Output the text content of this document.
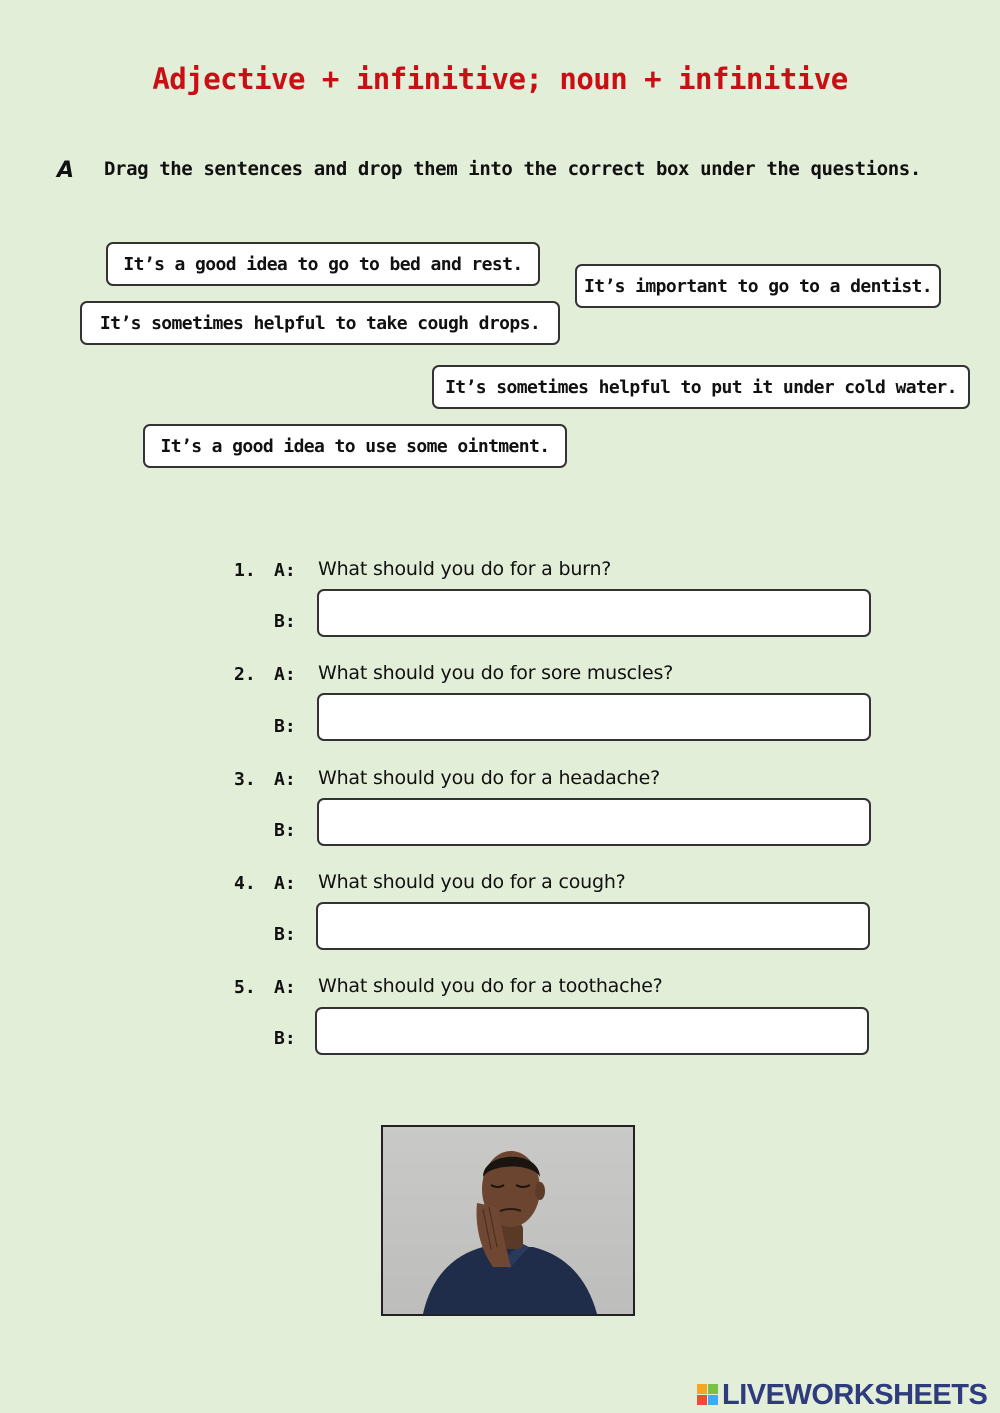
Adjective + infinitive; noun + infinitive
A Drag the sentences and drop them into the correct box under the questions.
It’s a good idea to go to bed and rest.
It’s important to go to a dentist.
It’s sometimes helpful to take cough drops.
It’s sometimes helpful to put it under cold water.
It’s a good idea to use some ointment.
1. A: What should you do for a burn?
B:
2. A: What should you do for sore muscles?
B:
3. A: What should you do for a headache?
B:
4. A: What should you do for a cough?
B:
5. A: What should you do for a toothache?
B:
LIVEWORKSHEETS
